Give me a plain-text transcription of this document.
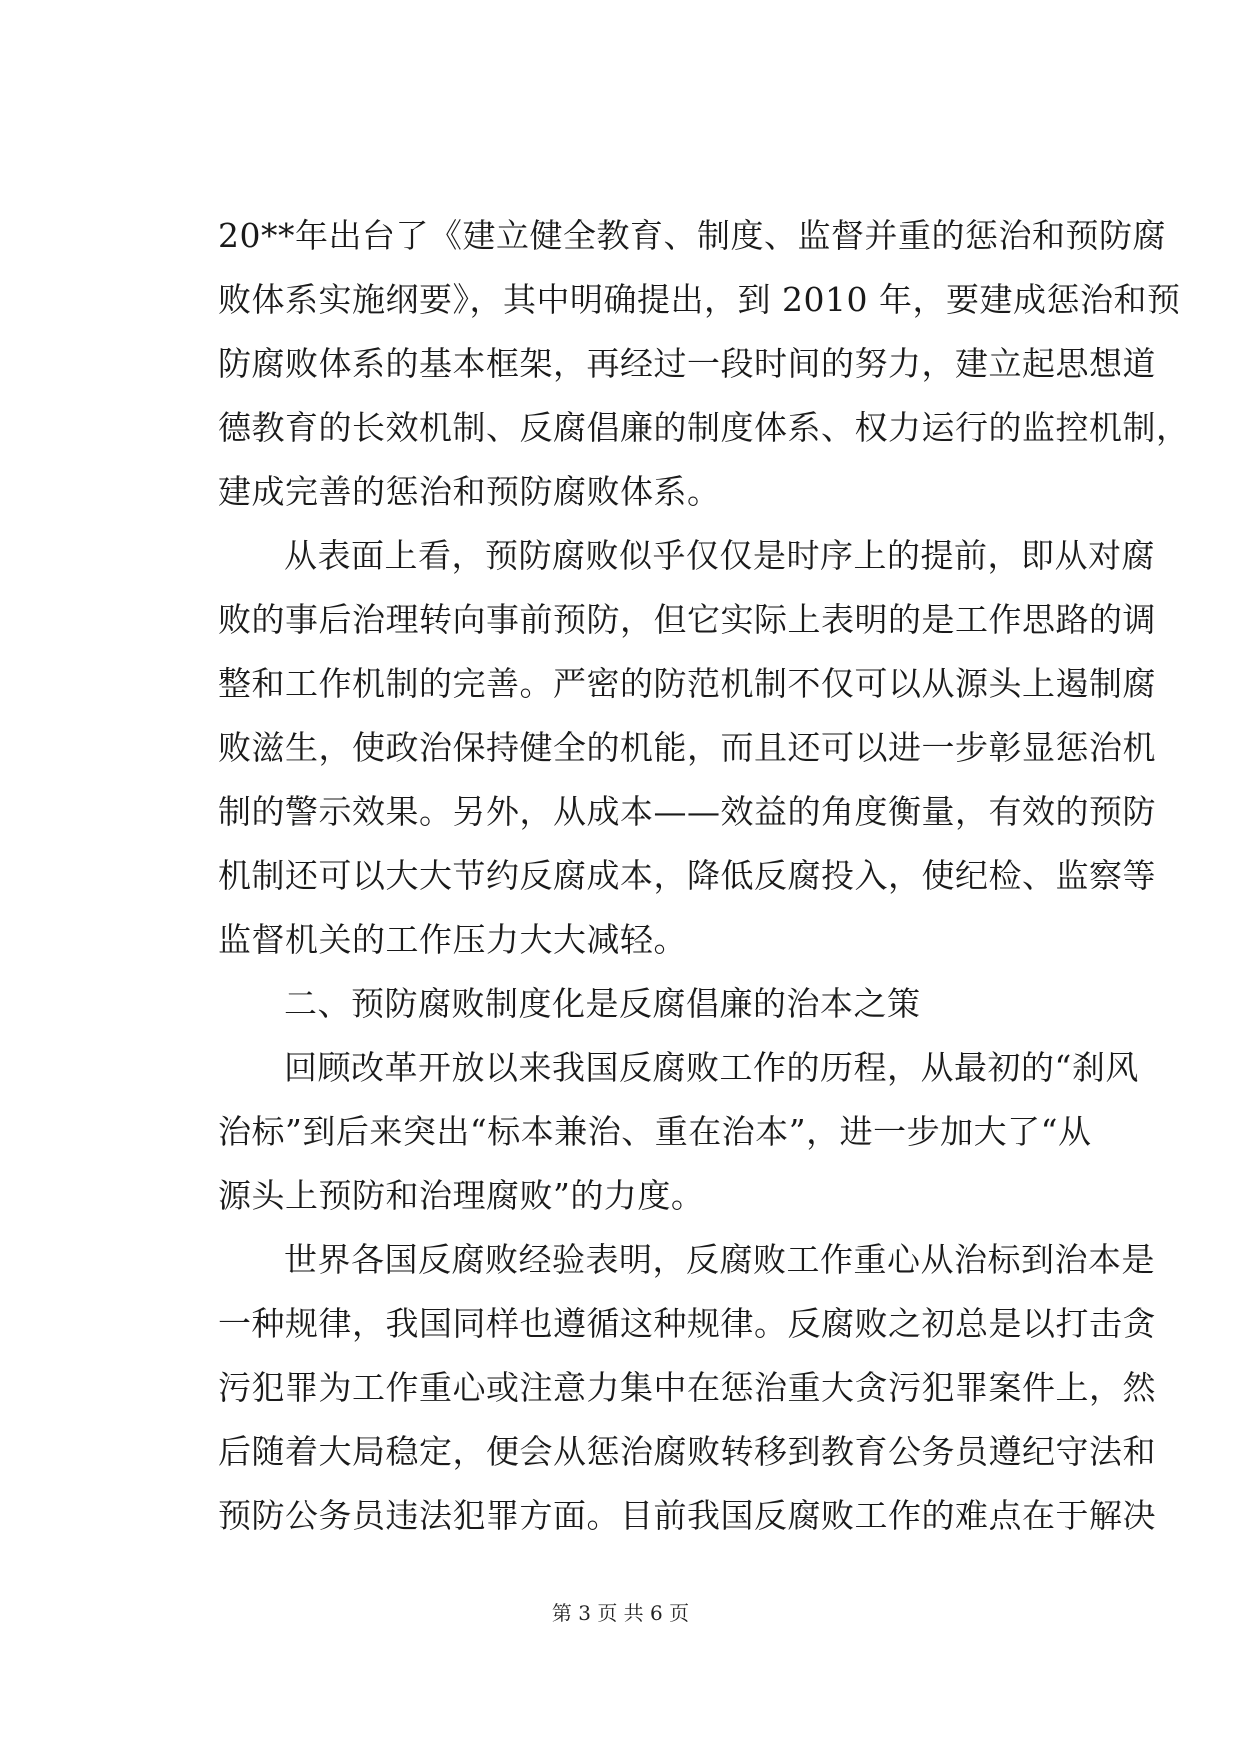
20**年出台了《建立健全教育、制度、监督并重的惩治和预防腐
败体系实施纲要》，其中明确提出，到 2010 年，要建成惩治和预
防腐败体系的基本框架，再经过一段时间的努力，建立起思想道
德教育的长效机制、反腐倡廉的制度体系、权力运行的监控机制，
建成完善的惩治和预防腐败体系。
从表面上看，预防腐败似乎仅仅是时序上的提前，即从对腐
败的事后治理转向事前预防，但它实际上表明的是工作思路的调
整和工作机制的完善。严密的防范机制不仅可以从源头上遏制腐
败滋生，使政治保持健全的机能，而且还可以进一步彰显惩治机
制的警示效果。另外，从成本——效益的角度衡量，有效的预防
机制还可以大大节约反腐成本，降低反腐投入，使纪检、监察等
监督机关的工作压力大大减轻。
二、预防腐败制度化是反腐倡廉的治本之策
回顾改革开放以来我国反腐败工作的历程，从最初的“刹风
治标”到后来突出“标本兼治、重在治本”，进一步加大了“从
源头上预防和治理腐败”的力度。
世界各国反腐败经验表明，反腐败工作重心从治标到治本是
一种规律，我国同样也遵循这种规律。反腐败之初总是以打击贪
污犯罪为工作重心或注意力集中在惩治重大贪污犯罪案件上，然
后随着大局稳定，便会从惩治腐败转移到教育公务员遵纪守法和
预防公务员违法犯罪方面。目前我国反腐败工作的难点在于解决
第 3 页 共 6 页
